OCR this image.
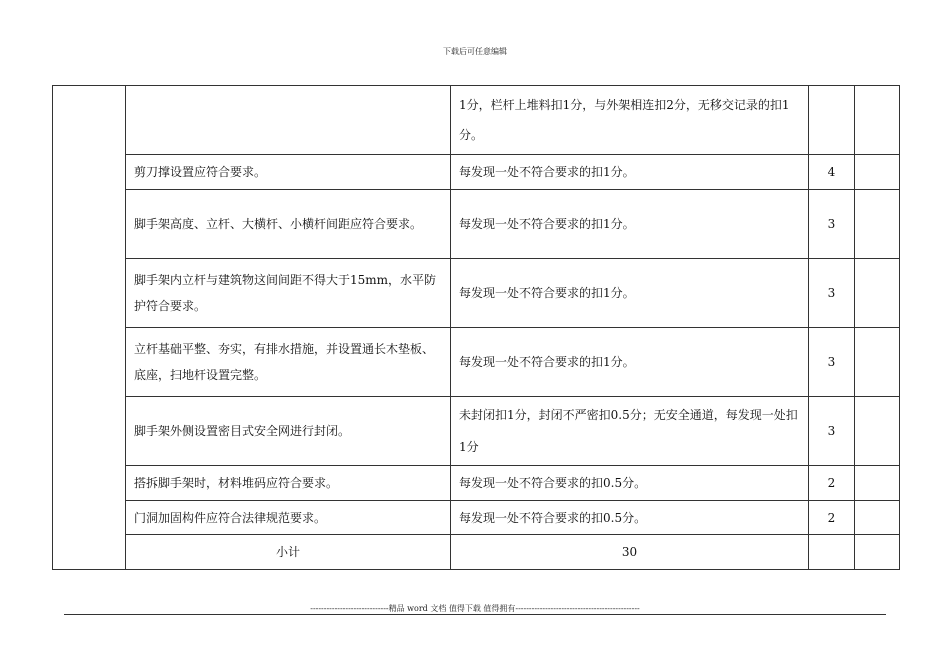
下载后可任意编辑
		1分，栏杆上堆料扣1分，与外架相连扣2分，无移交记录的扣1分。		
	剪刀撑设置应符合要求。	每发现一处不符合要求的扣1分。	4	
	脚手架高度、立杆、大横杆、小横杆间距应符合要求。	每发现一处不符合要求的扣1分。	3	
	脚手架内立杆与建筑物这间间距不得大于15mm，水平防护符合要求。	每发现一处不符合要求的扣1分。	3	
	立杆基础平整、夯实，有排水措施，并设置通长木垫板、底座，扫地杆设置完整。	每发现一处不符合要求的扣1分。	3	
	脚手架外侧设置密目式安全网进行封闭。	未封闭扣1分，封闭不严密扣0.5分；无安全通道，每发现一处扣1分	3	
	搭拆脚手架时，材料堆码应符合要求。	每发现一处不符合要求的扣0.5分。	2	
	门洞加固构件应符合法律规范要求。	每发现一处不符合要求的扣0.5分。	2	
	小计	30		
-----------------------------精品 word 文档 值得下载 值得拥有----------------------------------------------
